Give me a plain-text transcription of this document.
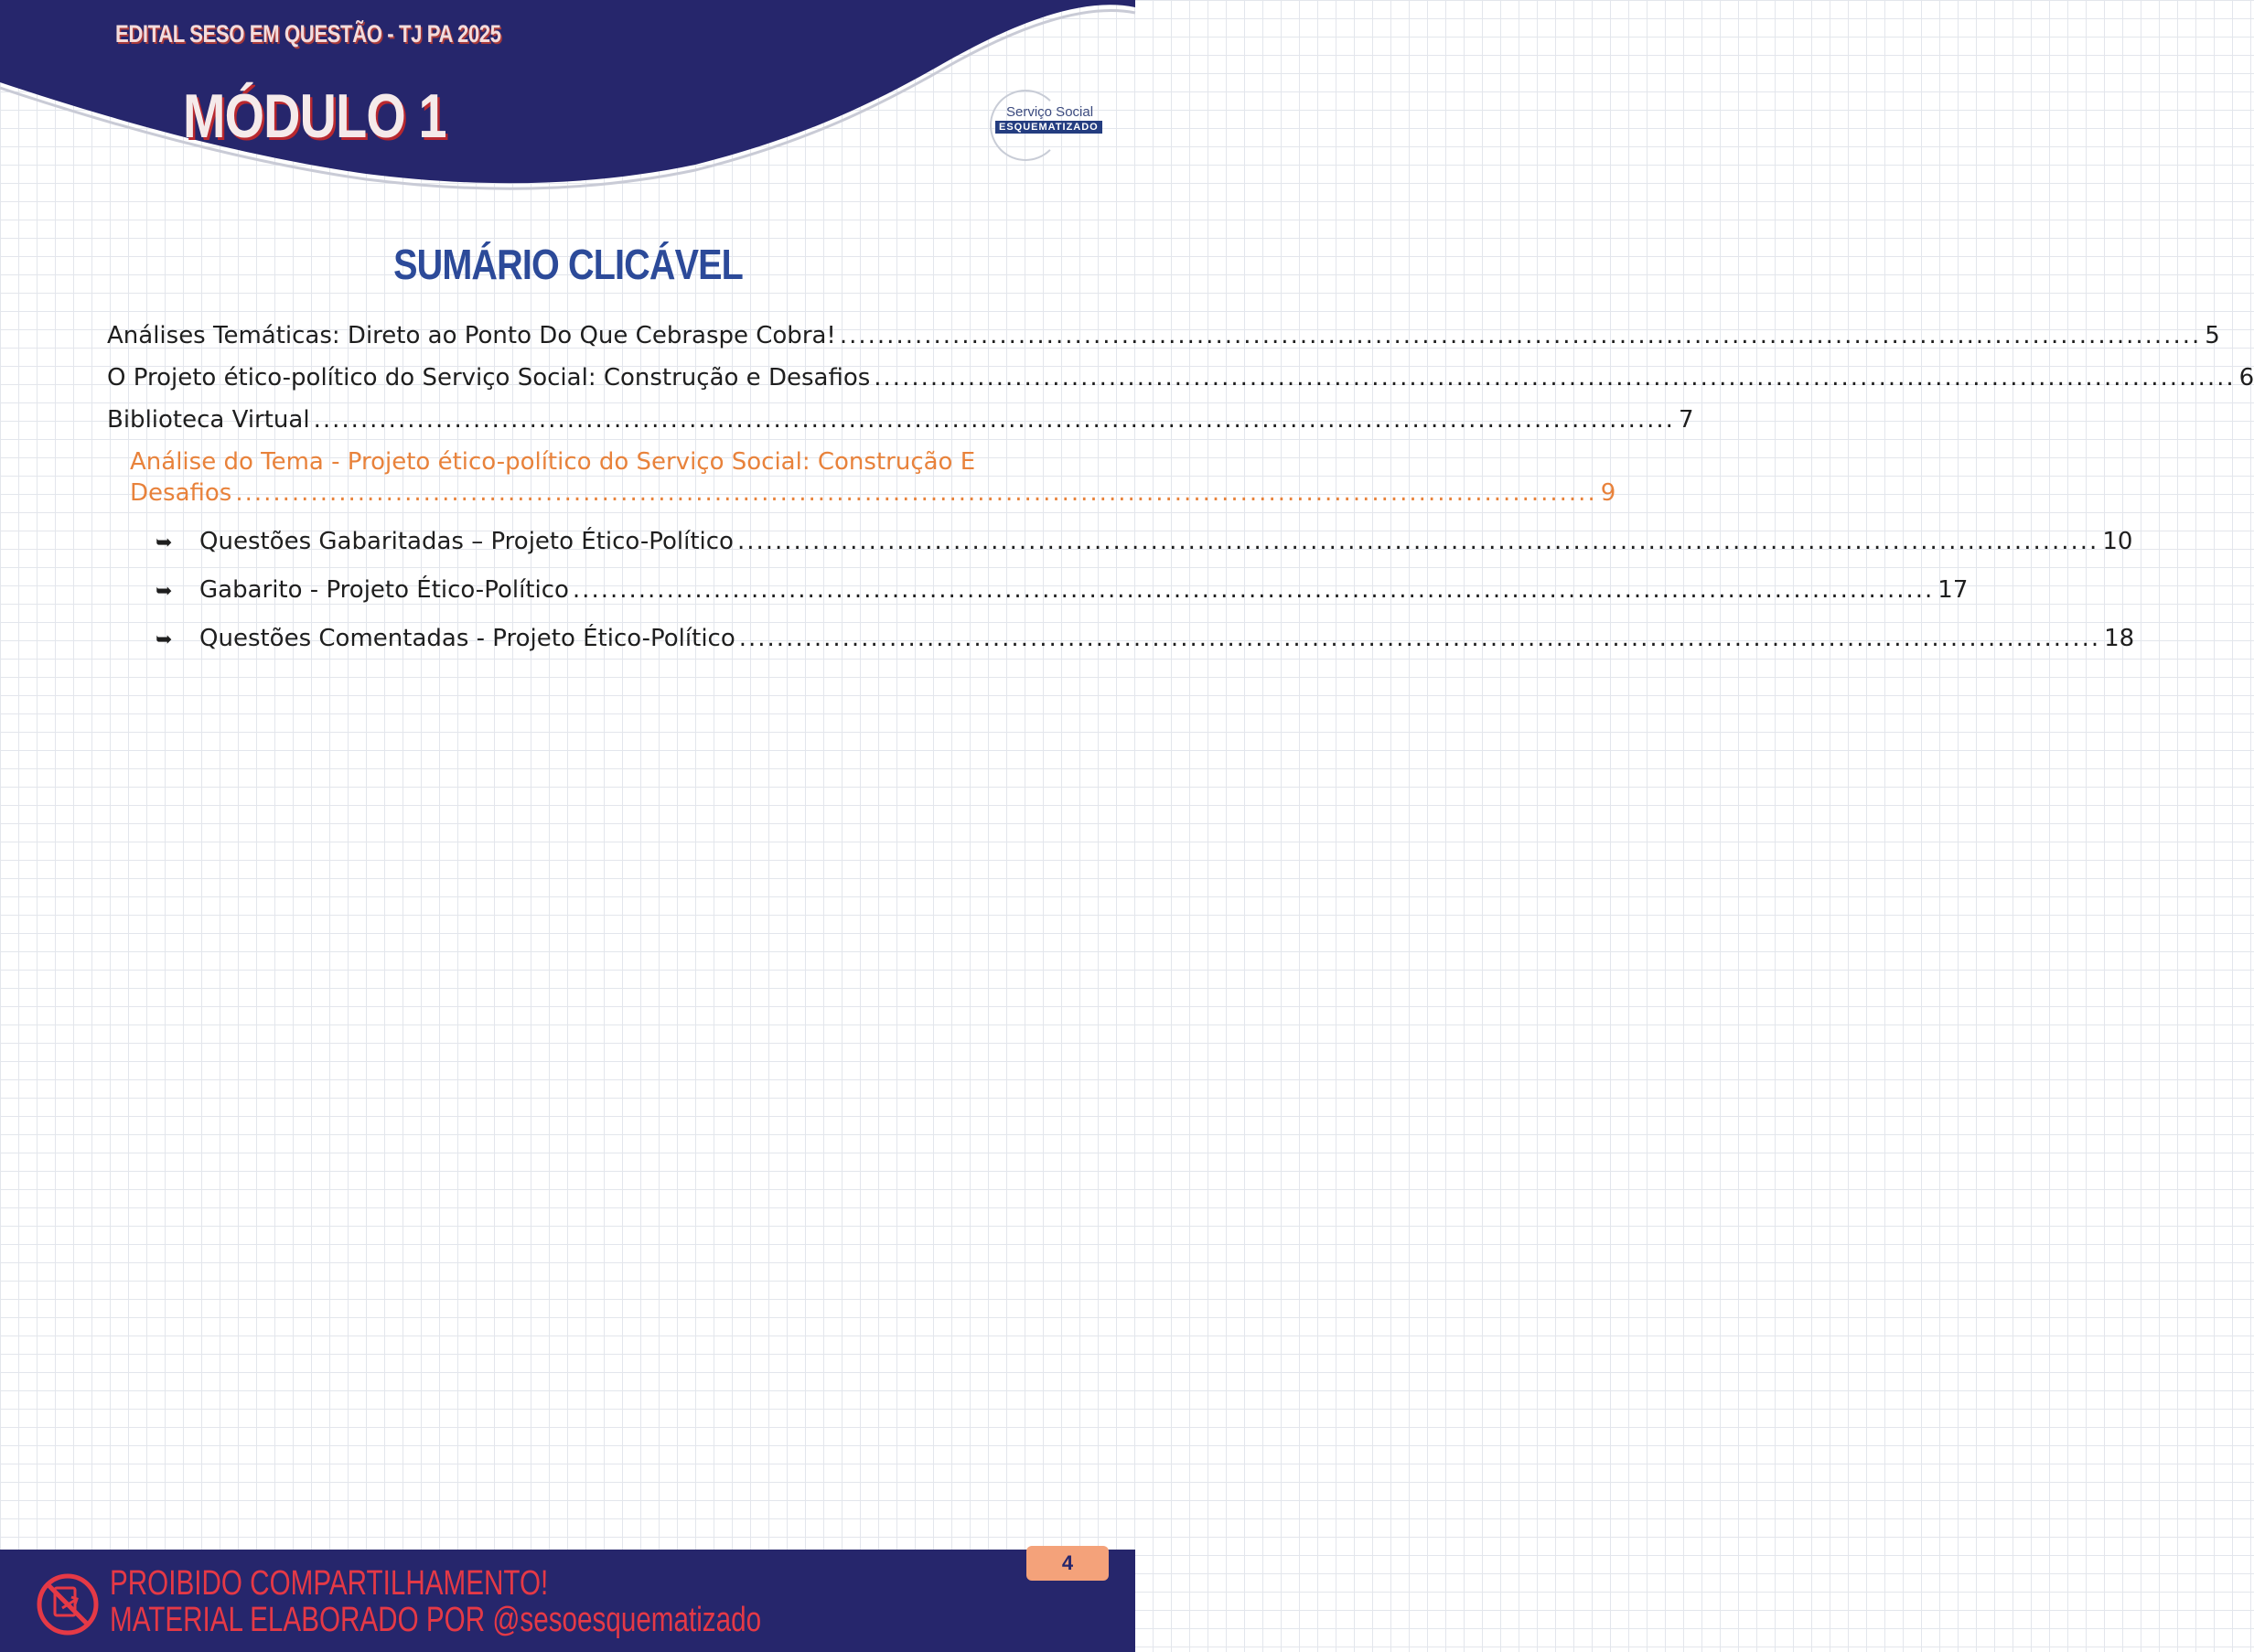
EDITAL SESO EM QUESTÃO - TJ PA 2025
MÓDULO 1	Serviço Social
ESQUEMATIZADO
SUMÁRIO CLICÁVEL
Análises Temáticas: Direto ao Ponto Do Que Cebraspe Cobra! ................................................................................................................................................. 5
O Projeto ético-político do Serviço Social: Construção e Desafios ................................................................................................................................................. 6
Biblioteca Virtual ................................................................................................................................................. 7
Análise do Tema - Projeto ético-político do Serviço Social: Construção E
Desafios ................................................................................................................................................. 9
➥	Questões Gabaritadas – Projeto Ético-Político ................................................................................................................................................. 10
➥	Gabarito - Projeto Ético-Político ................................................................................................................................................. 17
➥	Questões Comentadas - Projeto Ético-Político ................................................................................................................................................. 18
4
PROIBIDO COMPARTILHAMENTO!
MATERIAL ELABORADO POR @sesoesquematizado
